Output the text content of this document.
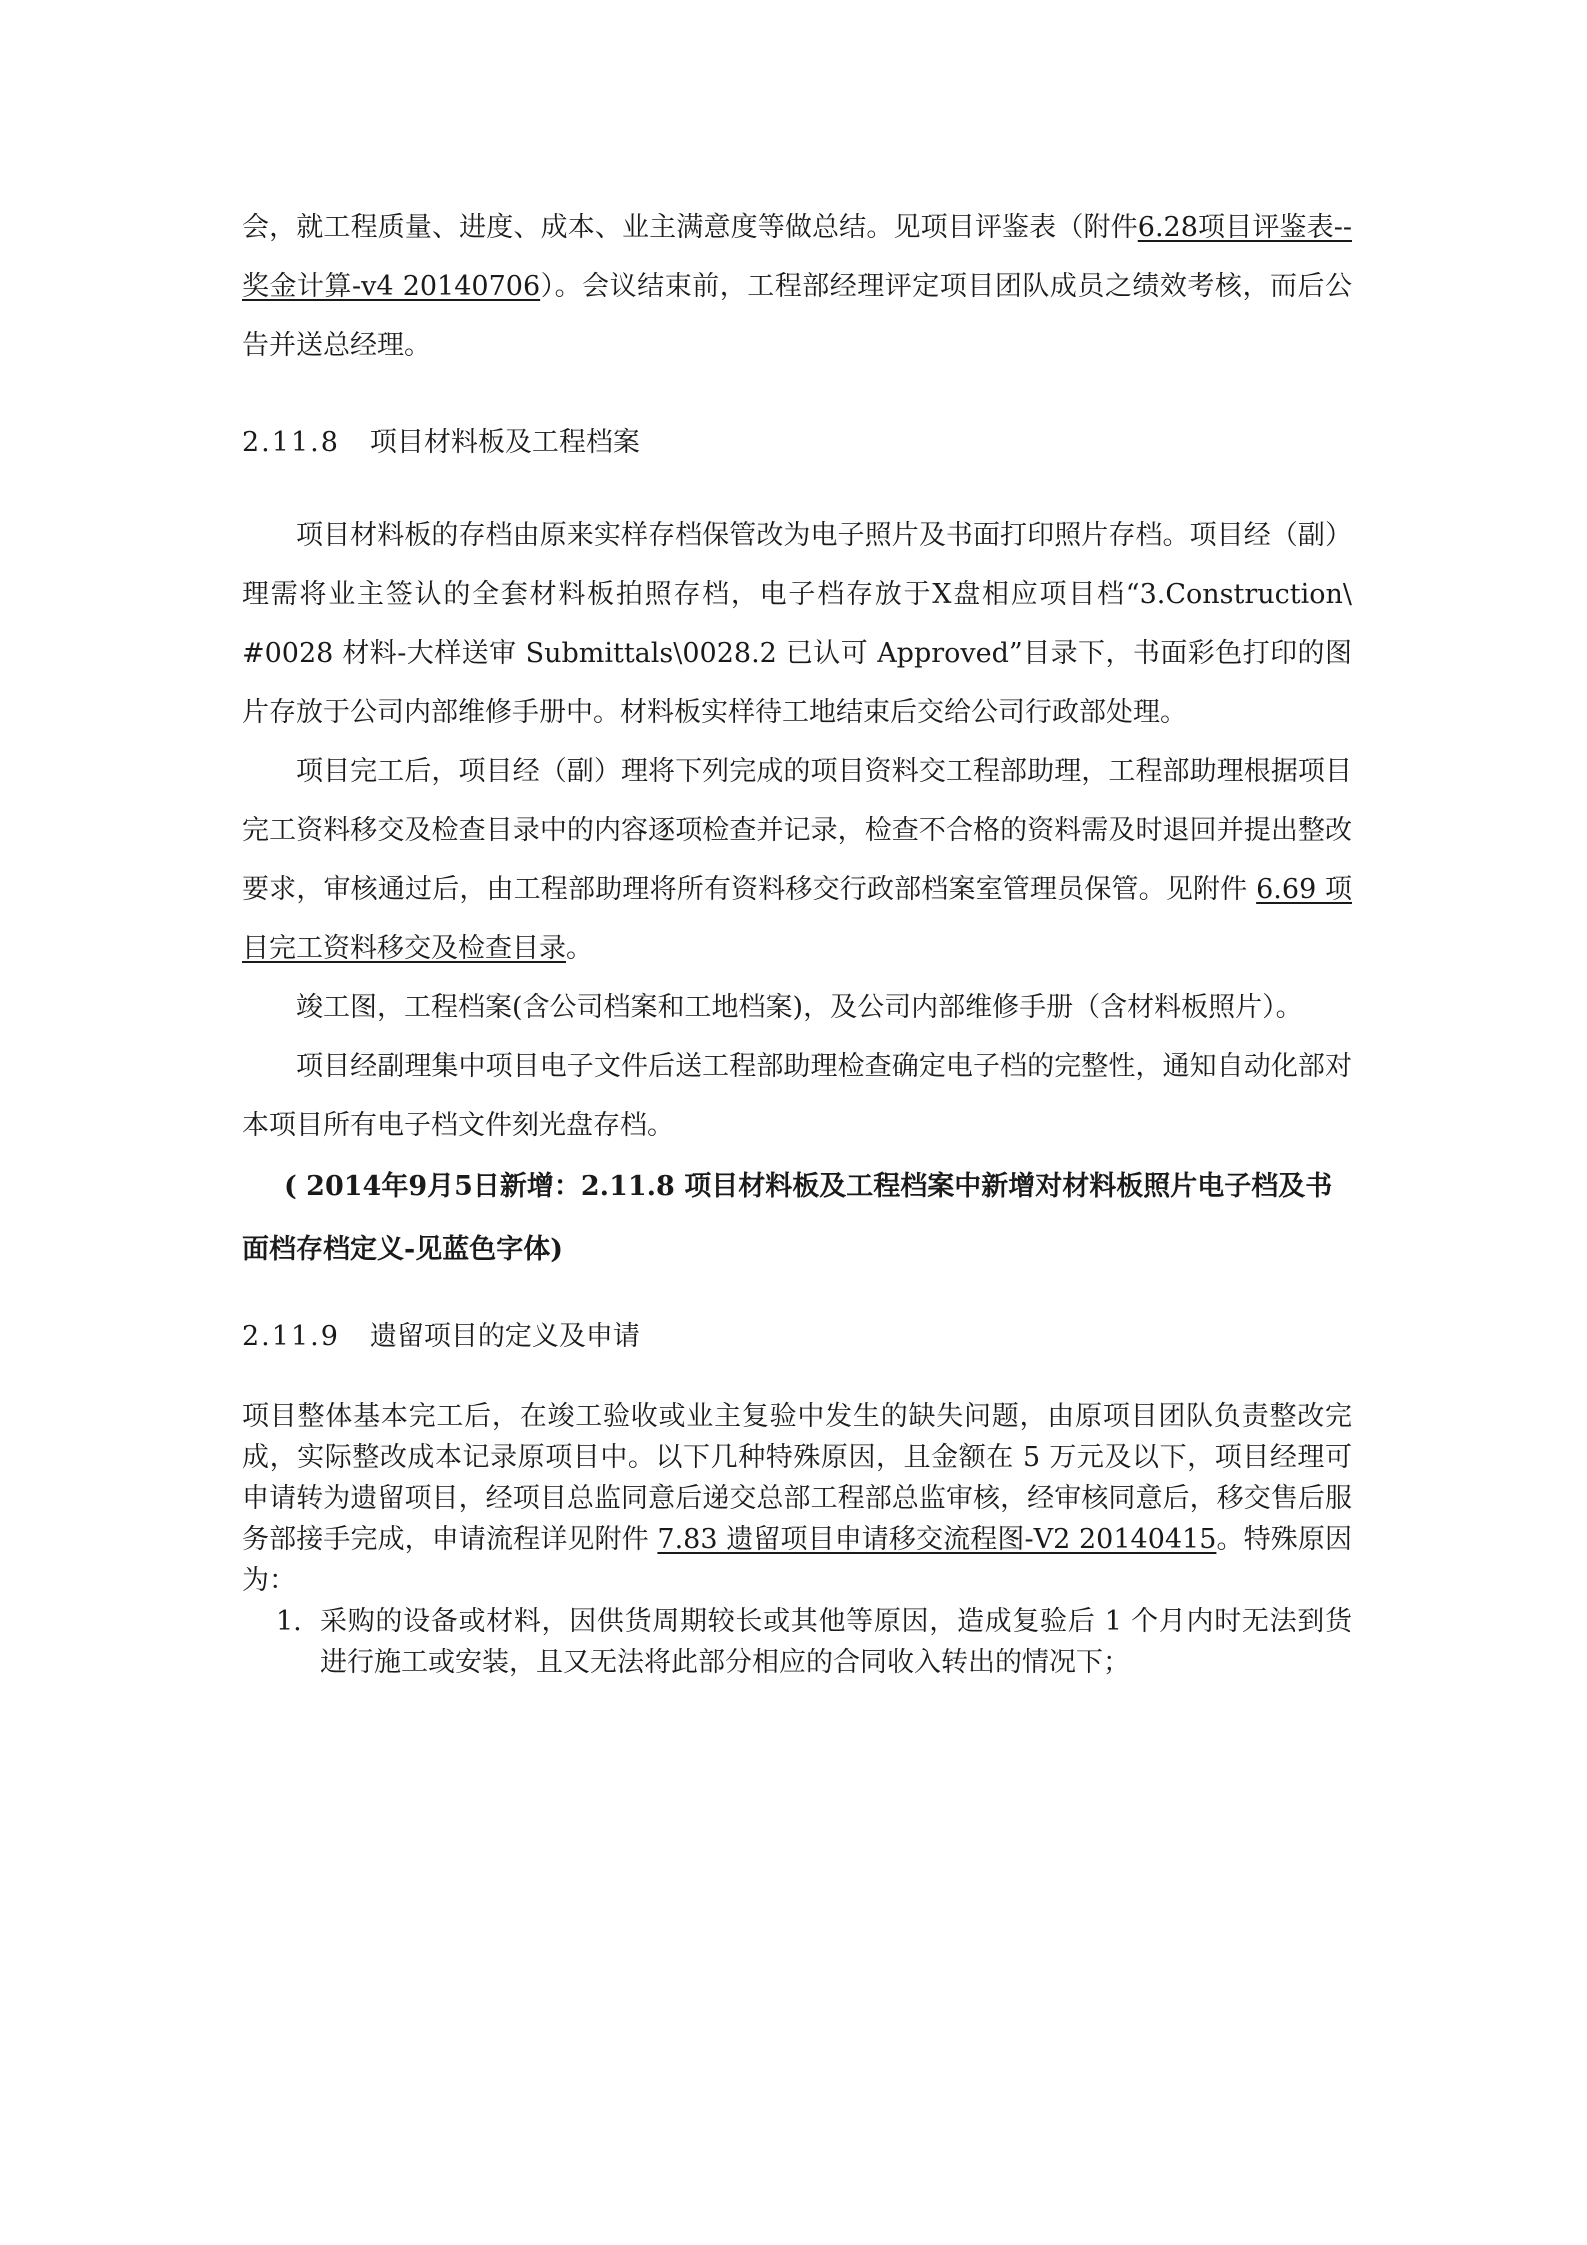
会，就工程质量、进度、成本、业主满意度等做总结。见项目评鉴表（附件6.28项目评鉴表--奖金计算-v4 20140706）。会议结束前，工程部经理评定项目团队成员之绩效考核，而后公告并送总经理。

2.11.8 项目材料板及工程档案

项目材料板的存档由原来实样存档保管改为电子照片及书面打印照片存档。项目经（副）理需将业主签认的全套材料板拍照存档，电子档存放于X盘相应项目档“3.Construction\ #0028 材料-大样送审 Submittals\0028.2 已认可 Approved”目录下，书面彩色打印的图片存放于公司内部维修手册中。材料板实样待工地结束后交给公司行政部处理。

项目完工后，项目经（副）理将下列完成的项目资料交工程部助理，工程部助理根据项目完工资料移交及检查目录中的内容逐项检查并记录，检查不合格的资料需及时退回并提出整改要求，审核通过后，由工程部助理将所有资料移交行政部档案室管理员保管。见附件 6.69 项目完工资料移交及检查目录。

竣工图，工程档案(含公司档案和工地档案)，及公司内部维修手册（含材料板照片）。

项目经副理集中项目电子文件后送工程部助理检查确定电子档的完整性，通知自动化部对本项目所有电子档文件刻光盘存档。

( 2014年9月5日新增：2.11.8 项目材料板及工程档案中新增对材料板照片电子档及书面档存档定义-见蓝色字体)

2.11.9 遗留项目的定义及申请

项目整体基本完工后，在竣工验收或业主复验中发生的缺失问题，由原项目团队负责整改完成，实际整改成本记录原项目中。以下几种特殊原因，且金额在 5 万元及以下，项目经理可申请转为遗留项目，经项目总监同意后递交总部工程部总监审核，经审核同意后，移交售后服务部接手完成，申请流程详见附件 7.83 遗留项目申请移交流程图-V2 20140415。特殊原因为：

1. 采购的设备或材料，因供货周期较长或其他等原因，造成复验后 1 个月内时无法到货进行施工或安装，且又无法将此部分相应的合同收入转出的情况下；
